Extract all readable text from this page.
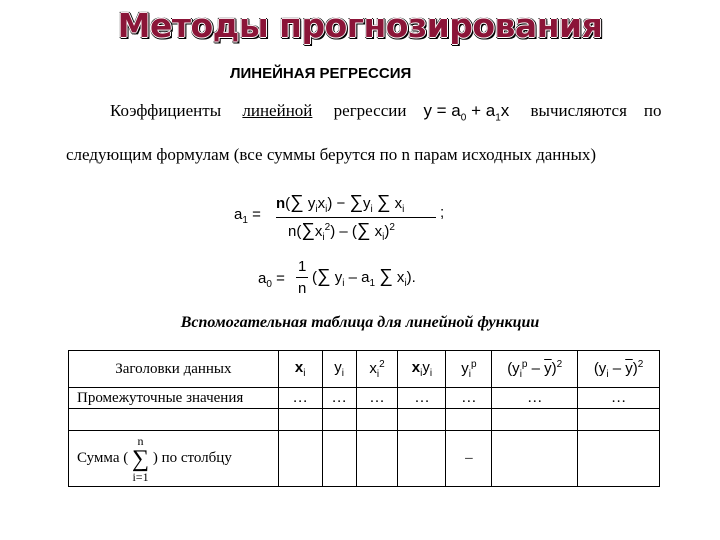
Методы прогнозирования
ЛИНЕЙНАЯ РЕГРЕССИЯ
Коэффициенты линейной регрессии $y = a_0 + a_1x$ вычисляются по
следующим формулам (все суммы берутся по n парам исходных данных)
$a_1$ =
n(∑ $y_ix_i) - \sum y_i$ ∑ $x_i$ ;
$n(\sum x_i^2)$ – (∑ $x_i)^2$
$a_0$ =
1
n
(∑ $y_i - a_1$ ∑ $x_i$).
Вспомогательная таблица для линейной функции
Заголовки данных	$x_i$	$y_i$	$x_i^2$	$x_iy_i$	$y_i^p$	$(y_i^p - \overline{y})^2$	$(y_i - \overline{y})^2$
Промежуточные значения	…	…	…	…	…	…	…

Сумма (
n
∑
i=1
) по столбцу					–		
